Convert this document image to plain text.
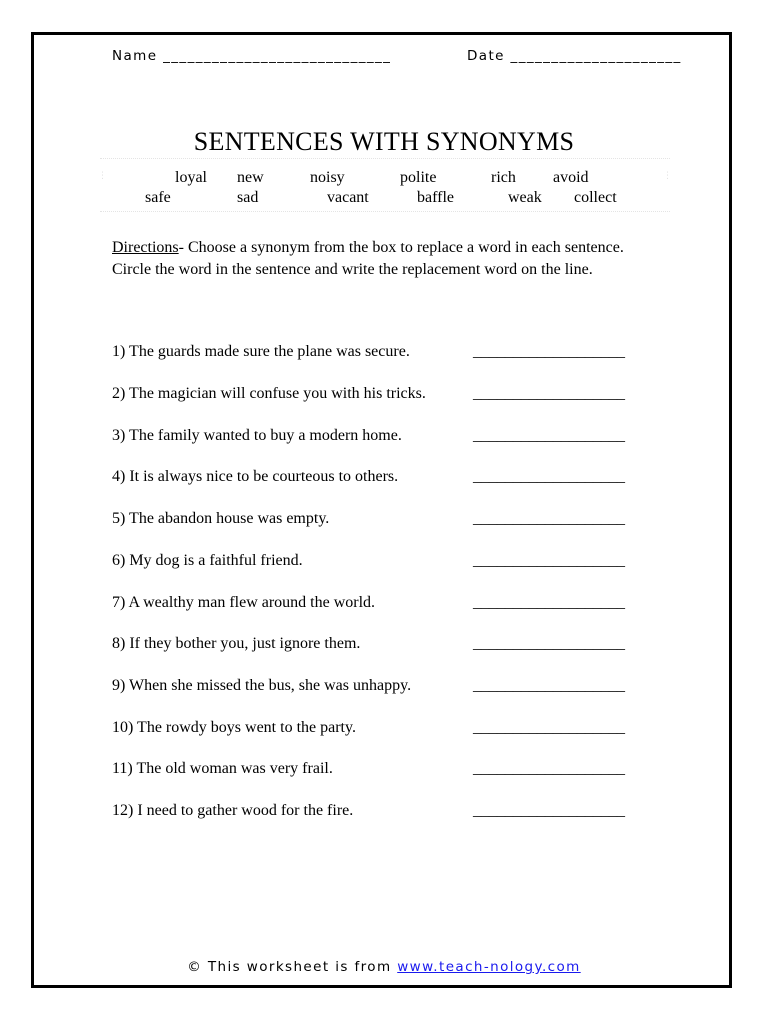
Name ____________________________	Date _____________________
SENTENCES WITH SYNONYMS
⋮	⋮
loyal new	noisy	polite	rich avoid
safe	sad	vacant	baffle	weak collect
Directions- Choose a synonym from the box to replace a word in each sentence. Circle the word in the sentence and write the replacement word on the line.
1) The guards made sure the plane was secure.	___________________
2) The magician will confuse you with his tricks.	___________________
3) The family wanted to buy a modern home.	___________________
4) It is always nice to be courteous to others.	___________________
5) The abandon house was empty.	___________________
6) My dog is a faithful friend.	___________________
7) A wealthy man flew around the world.	___________________
8) If they bother you, just ignore them.	___________________
9) When she missed the bus, she was unhappy.	___________________
10) The rowdy boys went to the party.	___________________
11) The old woman was very frail.	___________________
12) I need to gather wood for the fire.	___________________
© This worksheet is from www.teach-nology.com
